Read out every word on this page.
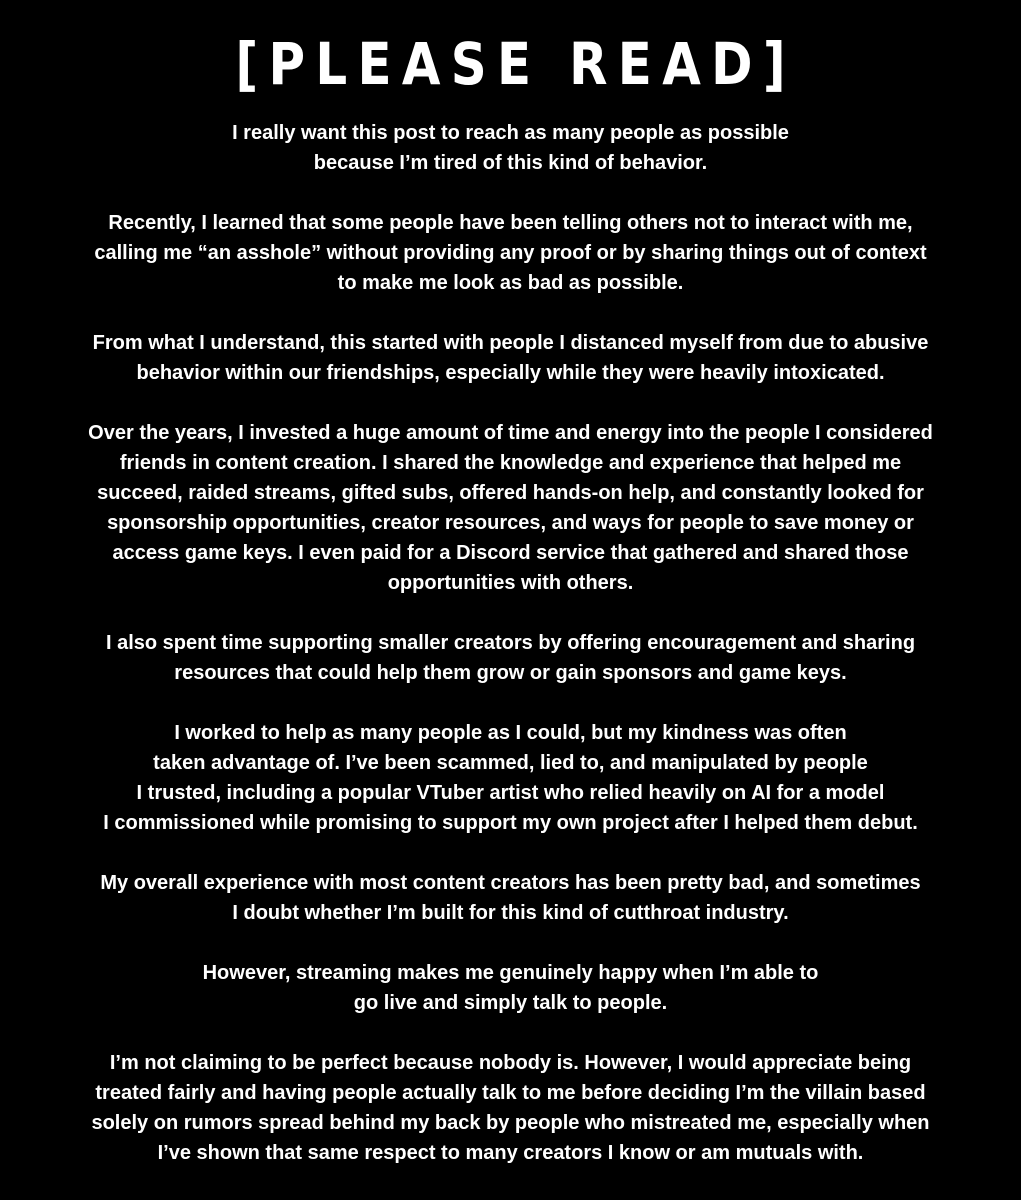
[PLEASE READ]

I really want this post to reach as many people as possible
because I’m tired of this kind of behavior.

Recently, I learned that some people have been telling others not to interact with me,
calling me “an asshole” without providing any proof or by sharing things out of context
to make me look as bad as possible.

From what I understand, this started with people I distanced myself from due to abusive
behavior within our friendships, especially while they were heavily intoxicated.

Over the years, I invested a huge amount of time and energy into the people I considered
friends in content creation. I shared the knowledge and experience that helped me
succeed, raided streams, gifted subs, offered hands-on help, and constantly looked for
sponsorship opportunities, creator resources, and ways for people to save money or
access game keys. I even paid for a Discord service that gathered and shared those
opportunities with others.

I also spent time supporting smaller creators by offering encouragement and sharing
resources that could help them grow or gain sponsors and game keys.

I worked to help as many people as I could, but my kindness was often
taken advantage of. I’ve been scammed, lied to, and manipulated by people
I trusted, including a popular VTuber artist who relied heavily on AI for a model
I commissioned while promising to support my own project after I helped them debut.

My overall experience with most content creators has been pretty bad, and sometimes
I doubt whether I’m built for this kind of cutthroat industry.

However, streaming makes me genuinely happy when I’m able to
go live and simply talk to people.

I’m not claiming to be perfect because nobody is. However, I would appreciate being
treated fairly and having people actually talk to me before deciding I’m the villain based
solely on rumors spread behind my back by people who mistreated me, especially when
I’ve shown that same respect to many creators I know or am mutuals with.
